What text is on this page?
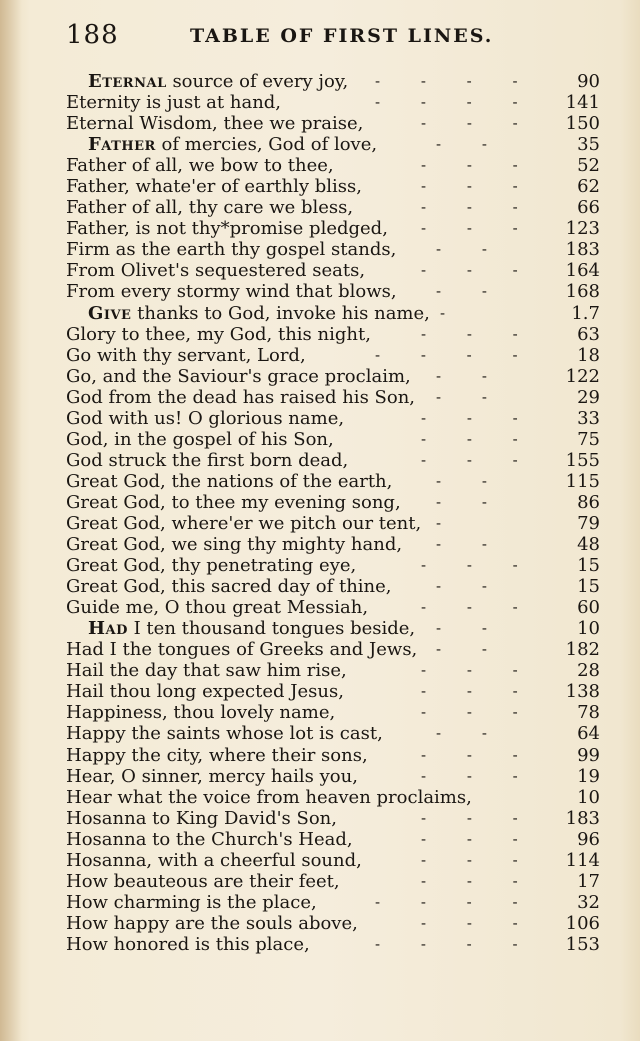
188	TABLE OF FIRST LINES.
Eternal source of every joy, - - - -	90
Eternity is just at hand,	- - - -	141
Eternal Wisdom, thee we praise,	- - -	150
Father of mercies, God of love,	- -	35
Father of all, we bow to thee,	- - -	52
Father, whate'er of earthly bliss,	- - -	62
Father of all, thy care we bless,	- - -	66
Father, is not thy*promise pledged, - - -	123
Firm as the earth thy gospel stands,	- -	183
From Olivet's sequestered seats,	- - -	164
From every stormy wind that blows,	- -	168
Give thanks to God, invoke his name, -	1.7
Glory to thee, my God, this night,	- - -	63
Go with thy servant, Lord,	- - - -	18
Go, and the Saviour's grace proclaim, - -	122
God from the dead has raised his Son, - -	29
God with us! O glorious name,	- - -	33
God, in the gospel of his Son,	- - -	75
God struck the first born dead,	- - -	155
Great God, the nations of the earth,	- -	115
Great God, to thee my evening song, - -	86
Great God, where'er we pitch our tent, -	79
Great God, we sing thy mighty hand, - -	48
Great God, thy penetrating eye,	- - -	15
Great God, this sacred day of thine,	- -	15
Guide me, O thou great Messiah,	- - -	60
Had I ten thousand tongues beside, - -	10
Had I the tongues of Greeks and Jews, - -	182
Hail the day that saw him rise,	- - -	28
Hail thou long expected Jesus,	- - -	138
Happiness, thou lovely name,	- - -	78
Happy the saints whose lot is cast,	- -	64
Happy the city, where their sons,	- - -	99
Hear, O sinner, mercy hails you,	- - -	19
Hear what the voice from heaven proclaims,	10
Hosanna to King David's Son,	- - -	183
Hosanna to the Church's Head,	- - -	96
Hosanna, with a cheerful sound,	- - -	114
How beauteous are their feet,	- - -	17
How charming is the place,	- - - -	32
How happy are the souls above,	- - -	106
How honored is this place,	- - - -	153
